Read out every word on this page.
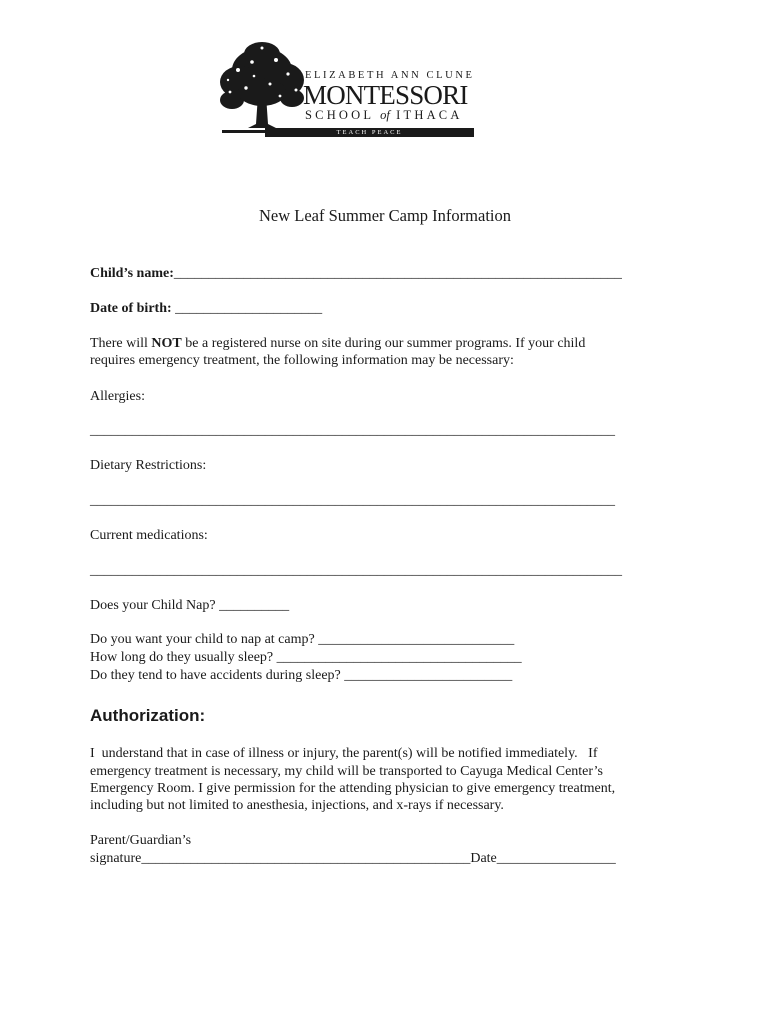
ELIZABETH ANN CLUNE
MONTESSORI
SCHOOL of ITHACA
TEACH PEACE
New Leaf Summer Camp Information
Child’s name:________________________________________________________________
Date of birth: _____________________
There will NOT be a registered nurse on site during our summer programs. If your child
requires emergency treatment, the following information may be necessary:
Allergies:
___________________________________________________________________________
Dietary Restrictions:
___________________________________________________________________________
Current medications:
____________________________________________________________________________
Does your Child Nap? __________
Do you want your child to nap at camp? ____________________________
How long do they usually sleep? ___________________________________
Do they tend to have accidents during sleep? ________________________
Authorization:
I  understand that in case of illness or injury, the parent(s) will be notified immediately.   If
emergency treatment is necessary, my child will be transported to Cayuga Medical Center’s
Emergency Room. I give permission for the attending physician to give emergency treatment,
including but not limited to anesthesia, injections, and x-rays if necessary.
Parent/Guardian’s
signature_______________________________________________Date_________________
